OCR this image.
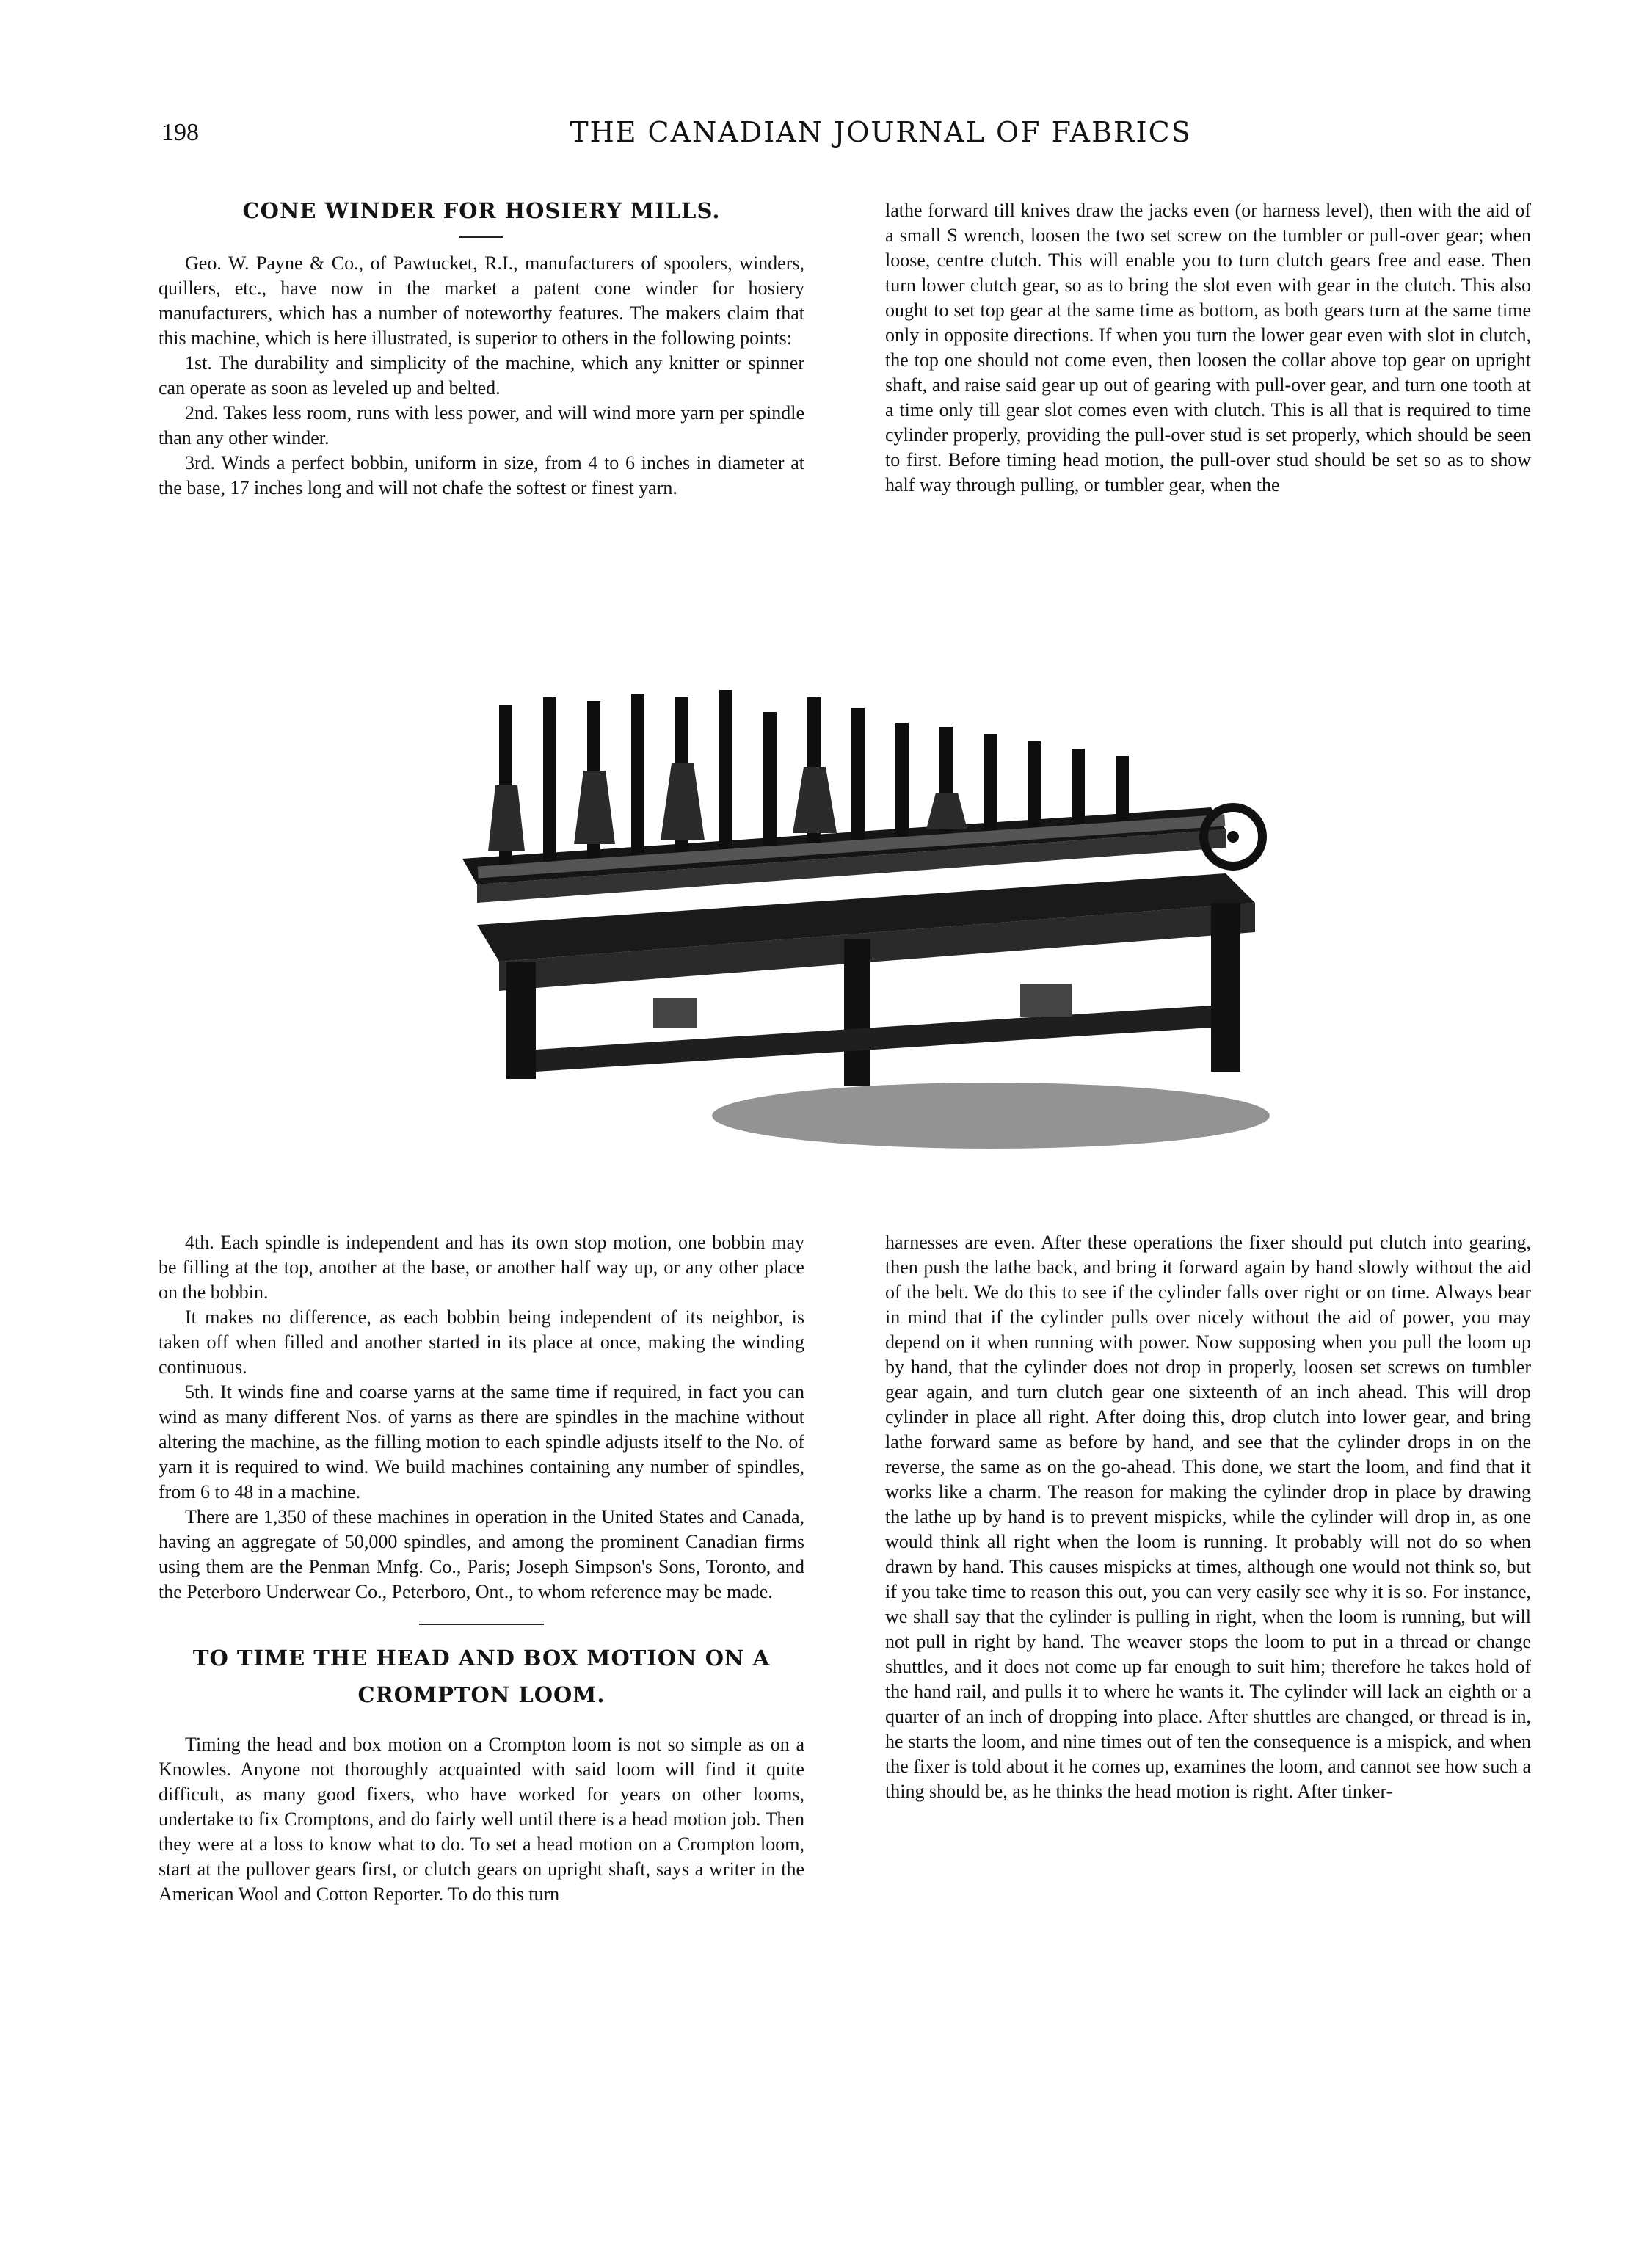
198	THE CANADIAN JOURNAL OF FABRICS
CONE WINDER FOR HOSIERY MILLS.

Geo. W. Payne & Co., of Pawtucket, R.I., manufacturers of spoolers, winders, quillers, etc., have now in the market a patent cone winder for hosiery manufacturers, which has a number of noteworthy features. The makers claim that this machine, which is here illustrated, is superior to others in the following points:

1st. The durability and simplicity of the machine, which any knitter or spinner can operate as soon as leveled up and belted.

2nd. Takes less room, runs with less power, and will wind more yarn per spindle than any other winder.

3rd. Winds a perfect bobbin, uniform in size, from 4 to 6 inches in diameter at the base, 17 inches long and will not chafe the softest or finest yarn.

lathe forward till knives draw the jacks even (or harness level), then with the aid of a small S wrench, loosen the two set screw on the tumbler or pull-over gear; when loose, centre clutch. This will enable you to turn clutch gears free and ease. Then turn lower clutch gear, so as to bring the slot even with gear in the clutch. This also ought to set top gear at the same time as bottom, as both gears turn at the same time only in opposite directions. If when you turn the lower gear even with slot in clutch, the top one should not come even, then loosen the collar above top gear on upright shaft, and raise said gear up out of gearing with pull-over gear, and turn one tooth at a time only till gear slot comes even with clutch. This is all that is required to time cylinder properly, providing the pull-over stud is set properly, which should be seen to first. Before timing head motion, the pull-over stud should be set so as to show half way through pulling, or tumbler gear, when the

4th. Each spindle is independent and has its own stop motion, one bobbin may be filling at the top, another at the base, or another half way up, or any other place on the bobbin.

It makes no difference, as each bobbin being independent of its neighbor, is taken off when filled and another started in its place at once, making the winding continuous.

5th. It winds fine and coarse yarns at the same time if required, in fact you can wind as many different Nos. of yarns as there are spindles in the machine without altering the machine, as the filling motion to each spindle adjusts itself to the No. of yarn it is required to wind. We build machines containing any number of spindles, from 6 to 48 in a machine.

There are 1,350 of these machines in operation in the United States and Canada, having an aggregate of 50,000 spindles, and among the prominent Canadian firms using them are the Penman Mnfg. Co., Paris; Joseph Simpson's Sons, Toronto, and the Peterboro Underwear Co., Peterboro, Ont., to whom reference may be made.

TO TIME THE HEAD AND BOX MOTION ON A CROMPTON LOOM.

Timing the head and box motion on a Crompton loom is not so simple as on a Knowles. Anyone not thoroughly acquainted with said loom will find it quite difficult, as many good fixers, who have worked for years on other looms, undertake to fix Cromptons, and do fairly well until there is a head motion job. Then they were at a loss to know what to do. To set a head motion on a Crompton loom, start at the pullover gears first, or clutch gears on upright shaft, says a writer in the American Wool and Cotton Reporter. To do this turn

harnesses are even. After these operations the fixer should put clutch into gearing, then push the lathe back, and bring it forward again by hand slowly without the aid of the belt. We do this to see if the cylinder falls over right or on time. Always bear in mind that if the cylinder pulls over nicely without the aid of power, you may depend on it when running with power. Now supposing when you pull the loom up by hand, that the cylinder does not drop in properly, loosen set screws on tumbler gear again, and turn clutch gear one sixteenth of an inch ahead. This will drop cylinder in place all right. After doing this, drop clutch into lower gear, and bring lathe forward same as before by hand, and see that the cylinder drops in on the reverse, the same as on the go-ahead. This done, we start the loom, and find that it works like a charm. The reason for making the cylinder drop in place by drawing the lathe up by hand is to prevent mispicks, while the cylinder will drop in, as one would think all right when the loom is running. It probably will not do so when drawn by hand. This causes mispicks at times, although one would not think so, but if you take time to reason this out, you can very easily see why it is so. For instance, we shall say that the cylinder is pulling in right, when the loom is running, but will not pull in right by hand. The weaver stops the loom to put in a thread or change shuttles, and it does not come up far enough to suit him; therefore he takes hold of the hand rail, and pulls it to where he wants it. The cylinder will lack an eighth or a quarter of an inch of dropping into place. After shuttles are changed, or thread is in, he starts the loom, and nine times out of ten the consequence is a mispick, and when the fixer is told about it he comes up, examines the loom, and cannot see how such a thing should be, as he thinks the head motion is right. After tinker-
